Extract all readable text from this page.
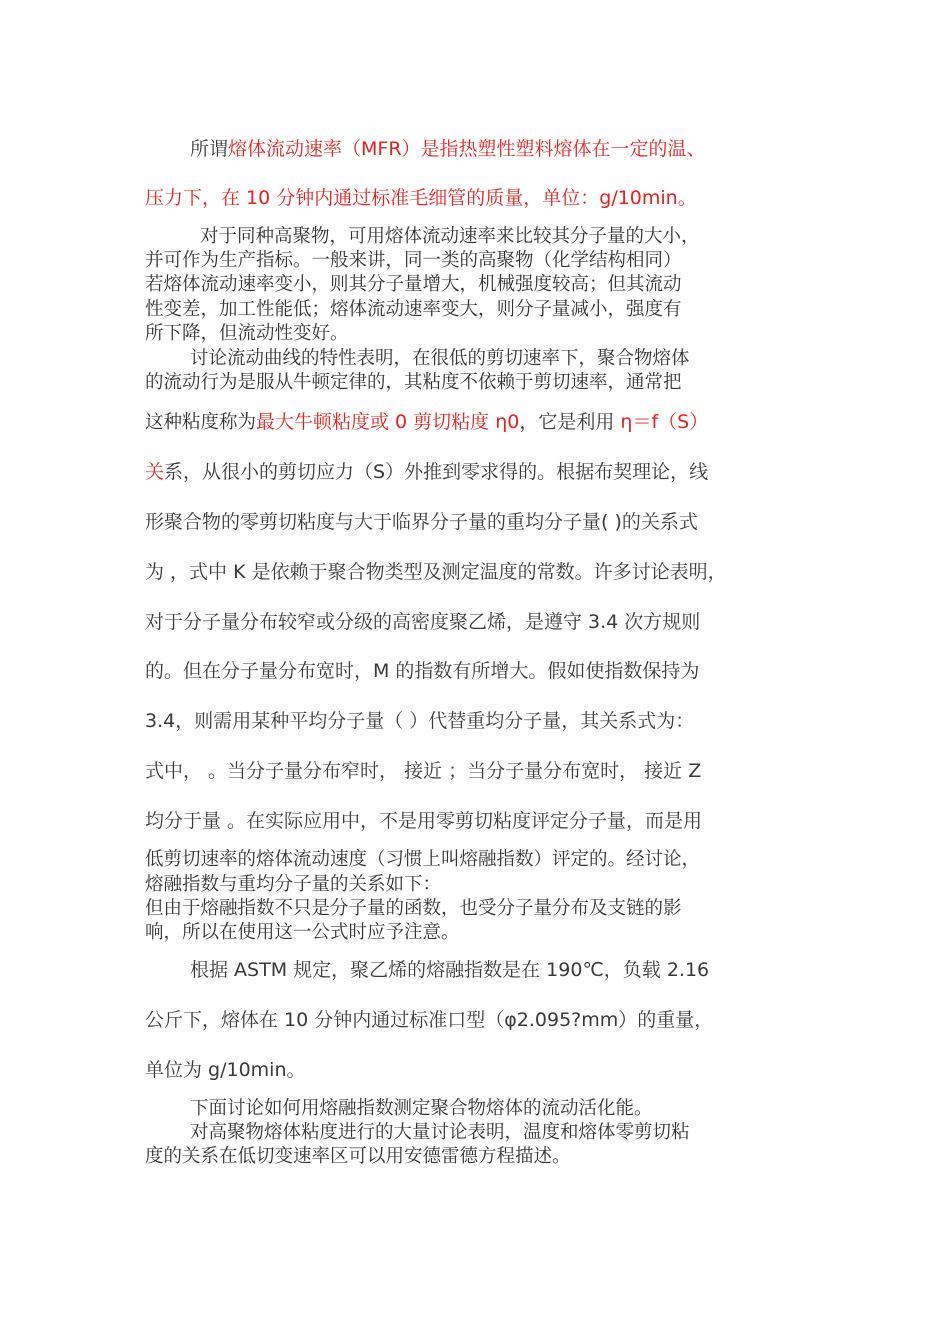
所谓熔体流动速率（MFR）是指热塑性塑料熔体在一定的温、
压力下，在 10 分钟内通过标准毛细管的质量，单位：g/10min。
对于同种高聚物，可用熔体流动速率来比较其分子量的大小，
并可作为生产指标。一般来讲，同一类的高聚物（化学结构相同）
若熔体流动速率变小，则其分子量增大，机械强度较高；但其流动
性变差，加工性能低；熔体流动速率变大，则分子量减小，强度有
所下降，但流动性变好。
讨论流动曲线的特性表明，在很低的剪切速率下，聚合物熔体
的流动行为是服从牛顿定律的，其粘度不依赖于剪切速率，通常把
这种粘度称为最大牛顿粘度或 0 剪切粘度 η0，它是利用 η＝f（S）
关系，从很小的剪切应力（S）外推到零求得的。根据布契理论，线
形聚合物的零剪切粘度与大于临界分子量的重均分子量( )的关系式
为 ，式中 K 是依赖于聚合物类型及测定温度的常数。许多讨论表明，
对于分子量分布较窄或分级的高密度聚乙烯，是遵守 3.4 次方规则
的。但在分子量分布宽时，M 的指数有所增大。假如使指数保持为
3.4，则需用某种平均分子量（ ）代替重均分子量，其关系式为：
式中， 。当分子量分布窄时， 接近 ；当分子量分布宽时， 接近 Z
均分于量 。在实际应用中，不是用零剪切粘度评定分子量，而是用
低剪切速率的熔体流动速度（习惯上叫熔融指数）评定的。经讨论，
熔融指数与重均分子量的关系如下：
但由于熔融指数不只是分子量的函数，也受分子量分布及支链的影
响，所以在使用这一公式时应予注意。
根据 ASTM 规定，聚乙烯的熔融指数是在 190℃，负载 2.16
公斤下，熔体在 10 分钟内通过标准口型（φ2.095?mm）的重量，
单位为 g/10min。
下面讨论如何用熔融指数测定聚合物熔体的流动活化能。
对高聚物熔体粘度进行的大量讨论表明，温度和熔体零剪切粘
度的关系在低切变速率区可以用安德雷德方程描述。
